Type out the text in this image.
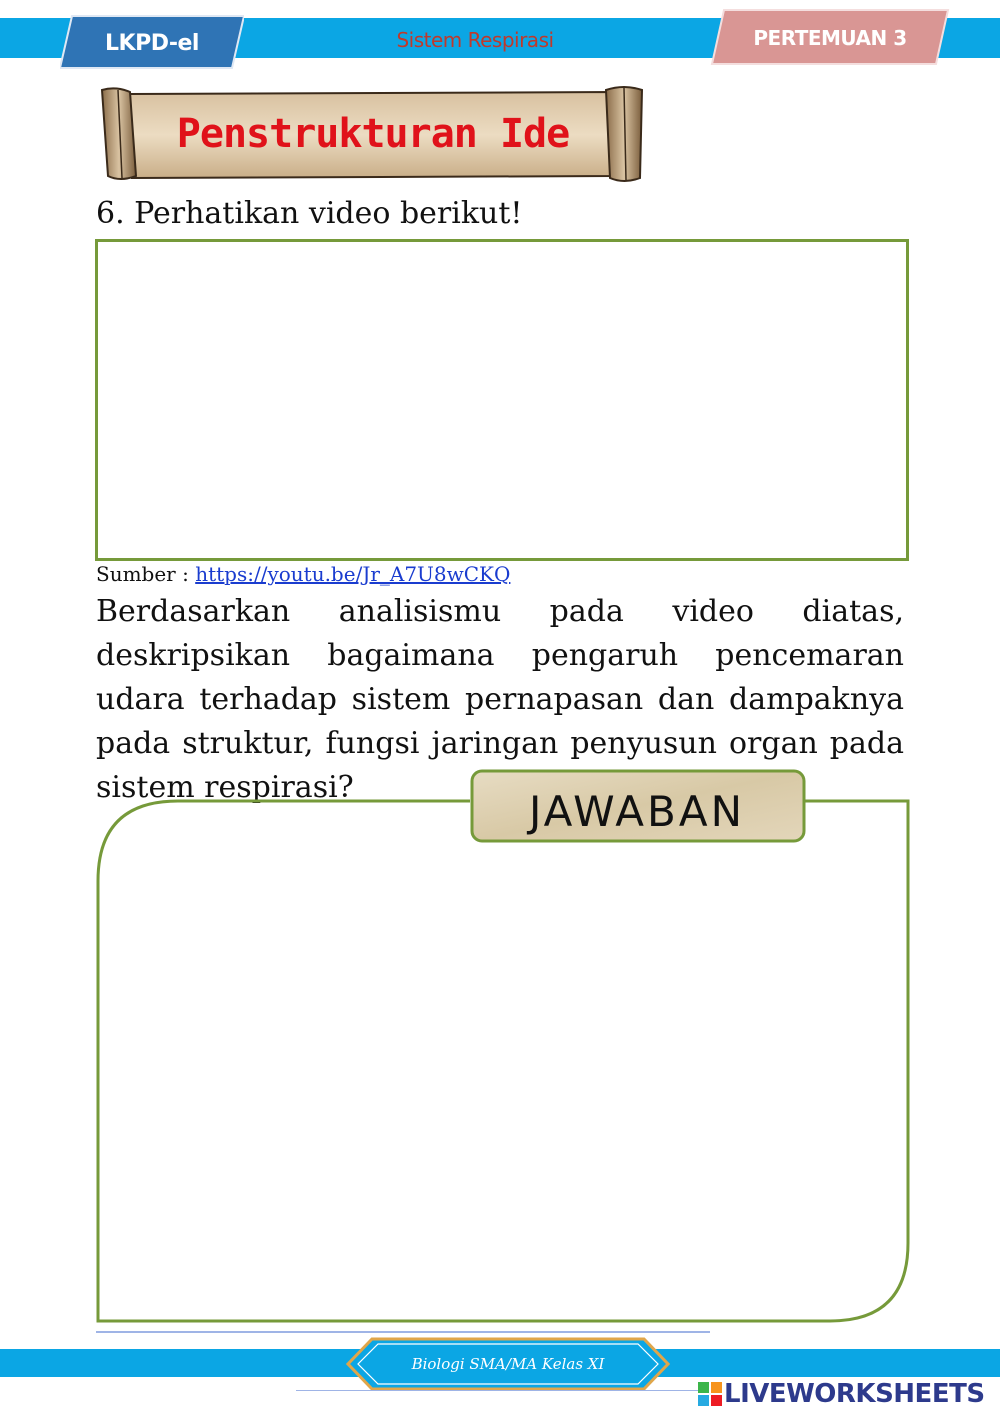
LKPD-el	Sistem Respirasi	PERTEMUAN 3
Penstrukturan Ide
6. Perhatikan video berikut!
Sumber : https://youtu.be/Jr_A7U8wCKQ
Berdasarkan analisismu pada video diatas, deskripsikan bagaimana pengaruh pencemaran udara terhadap sistem pernapasan dan dampaknya pada struktur, fungsi jaringan penyusun organ pada sistem respirasi?	JAWABAN
Biologi SMA/MA Kelas XI
LIVEWORKSHEETS
